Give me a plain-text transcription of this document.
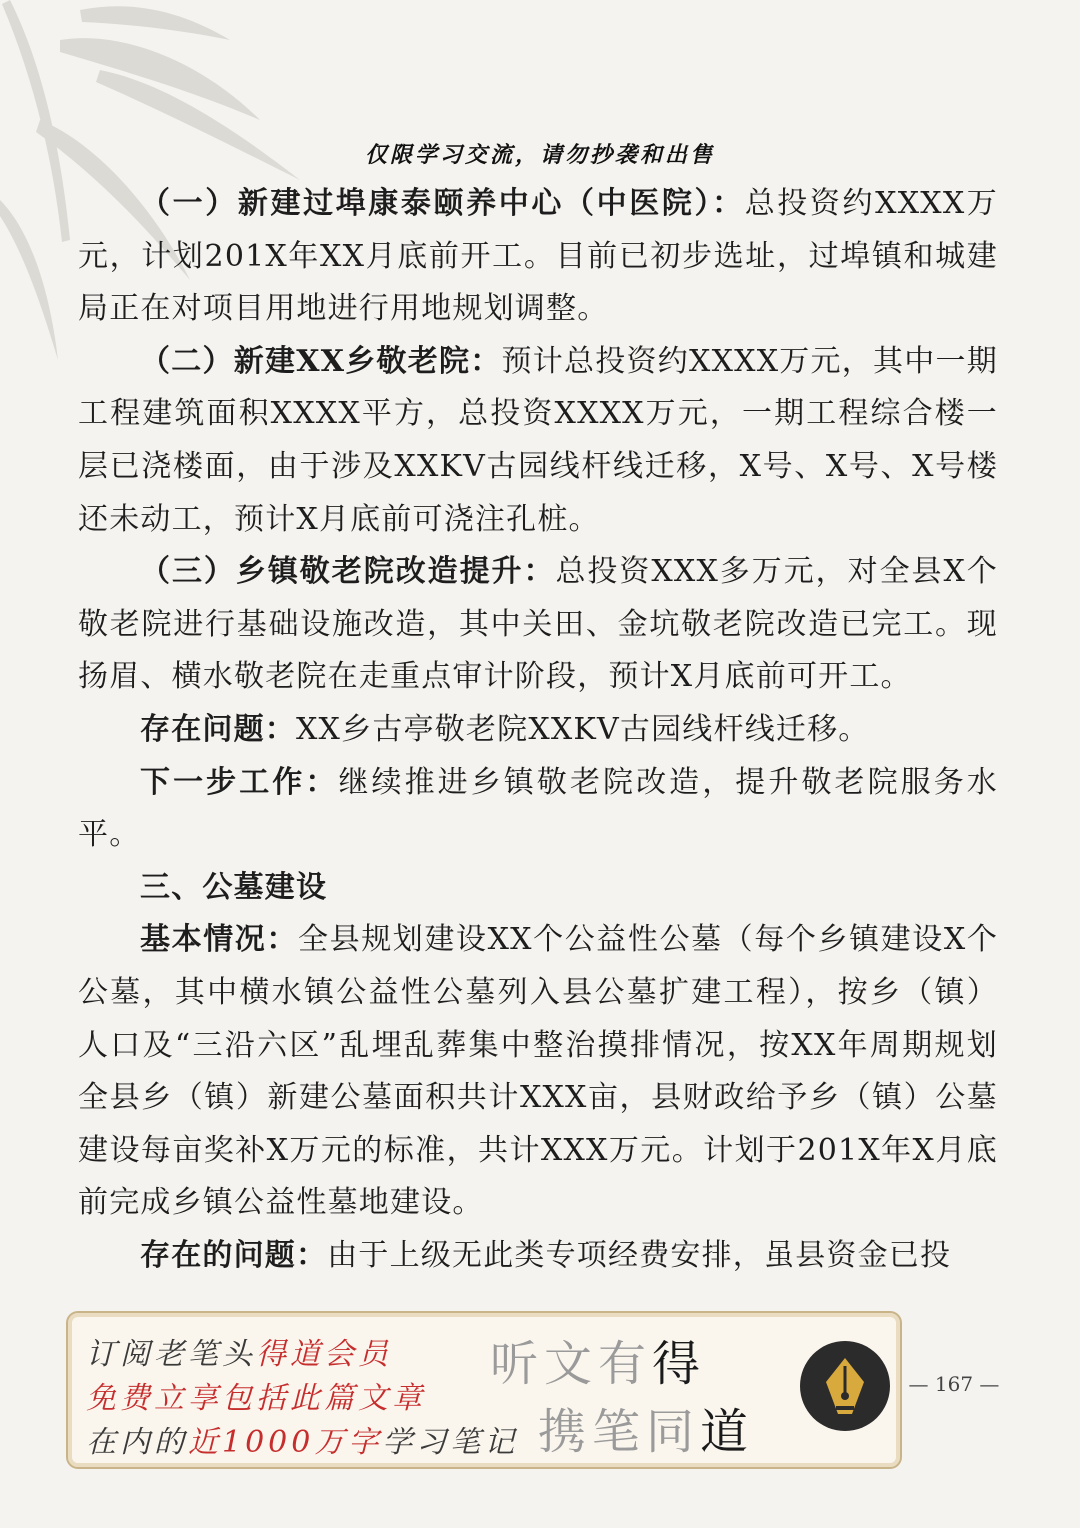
仅限学习交流，请勿抄袭和出售

（一）新建过埠康泰颐养中心（中医院）：总投资约XXXX万元，计划201X年XX月底前开工。目前已初步选址，过埠镇和城建局正在对项目用地进行用地规划调整。

（二）新建XX乡敬老院：预计总投资约XXXX万元，其中一期工程建筑面积XXXX平方，总投资XXXX万元，一期工程综合楼一层已浇楼面，由于涉及XXKV古园线杆线迁移，X号、X号、X号楼还未动工，预计X月底前可浇注孔桩。

（三）乡镇敬老院改造提升：总投资XXX多万元，对全县X个敬老院进行基础设施改造，其中关田、金坑敬老院改造已完工。现扬眉、横水敬老院在走重点审计阶段，预计X月底前可开工。

存在问题：XX乡古亭敬老院XXKV古园线杆线迁移。

下一步工作：继续推进乡镇敬老院改造，提升敬老院服务水平。

三、公墓建设

基本情况：全县规划建设XX个公益性公墓（每个乡镇建设X个公墓，其中横水镇公益性公墓列入县公墓扩建工程），按乡（镇）人口及“三沿六区”乱埋乱葬集中整治摸排情况，按XX年周期规划全县乡（镇）新建公墓面积共计XXX亩，县财政给予乡（镇）公墓建设每亩奖补X万元的标准，共计XXX万元。计划于201X年X月底前完成乡镇公益性墓地建设。

存在的问题：由于上级无此类专项经费安排，虽县资金已投

订阅老笔头得道会员
免费立享包括此篇文章
在内的近1000万字学习笔记
听文有得
携笔同道
— 167 —
